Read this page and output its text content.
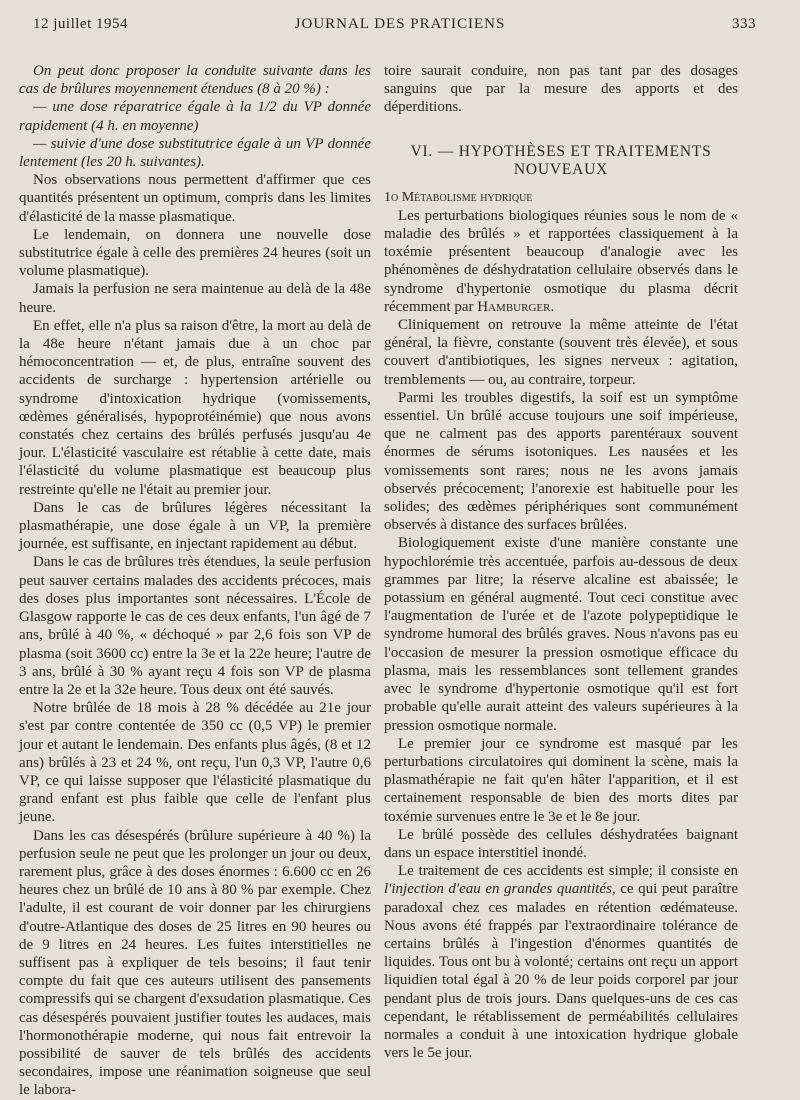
12 juillet 1954	JOURNAL DES PRATICIENS	333

On peut donc proposer la conduite suivante dans les cas de brûlures moyennement étendues (8 à 20 %) :

— une dose réparatrice égale à la 1/2 du VP donnée rapidement (4 h. en moyenne)

— suivie d'une dose substitutrice égale à un VP donnée lentement (les 20 h. suivantes).

Nos observations nous permettent d'affirmer que ces quantités présentent un optimum, compris dans les limites d'élasticité de la masse plasmatique.

Le lendemain, on donnera une nouvelle dose substitutrice égale à celle des premières 24 heures (soit un volume plasmatique).

Jamais la perfusion ne sera maintenue au delà de la 48e heure.

En effet, elle n'a plus sa raison d'être, la mort au delà de la 48e heure n'étant jamais due à un choc par hémoconcentration — et, de plus, entraîne souvent des accidents de surcharge : hypertension artérielle ou syndrome d'intoxication hydrique (vomissements, œdèmes généralisés, hypoprotéinémie) que nous avons constatés chez certains des brûlés perfusés jusqu'au 4e jour. L'élasticité vasculaire est rétablie à cette date, mais l'élasticité du volume plasmatique est beaucoup plus restreinte qu'elle ne l'était au premier jour.

Dans le cas de brûlures légères nécessitant la plasmathérapie, une dose égale à un VP, la première journée, est suffisante, en injectant rapidement au début.

Dans le cas de brûlures très étendues, la seule perfusion peut sauver certains malades des accidents précoces, mais des doses plus importantes sont nécessaires. L'École de Glasgow rapporte le cas de ces deux enfants, l'un âgé de 7 ans, brûlé à 40 %, « déchoqué » par 2,6 fois son VP de plasma (soit 3600 cc) entre la 3e et la 22e heure; l'autre de 3 ans, brûlé à 30 % ayant reçu 4 fois son VP de plasma entre la 2e et la 32e heure. Tous deux ont été sauvés.

Notre brûlée de 18 mois à 28 % décédée au 21e jour s'est par contre contentée de 350 cc (0,5 VP) le premier jour et autant le lendemain. Des enfants plus âgés, (8 et 12 ans) brûlés à 23 et 24 %, ont reçu, l'un 0,3 VP, l'autre 0,6 VP, ce qui laisse supposer que l'élasticité plasmatique du grand enfant est plus faible que celle de l'enfant plus jeune.

Dans les cas désespérés (brûlure supérieure à 40 %) la perfusion seule ne peut que les prolonger un jour ou deux, rarement plus, grâce à des doses énormes : 6.600 cc en 26 heures chez un brûlé de 10 ans à 80 % par exemple. Chez l'adulte, il est courant de voir donner par les chirurgiens d'outre-Atlantique des doses de 25 litres en 90 heures ou de 9 litres en 24 heures. Les fuites interstitielles ne suffisent pas à expliquer de tels besoins; il faut tenir compte du fait que ces auteurs utilisent des pansements compressifs qui se chargent d'exsudation plasmatique. Ces cas désespérés pouvaient justifier toutes les audaces, mais l'hormonothérapie moderne, qui nous fait entrevoir la possibilité de sauver de tels brûlés des accidents secondaires, impose une réanimation soigneuse que seul le labora-

toire saurait conduire, non pas tant par des dosages sanguins que par la mesure des apports et des déperditions.

VI. — HYPOTHÈSES ET TRAITEMENTS NOUVEAUX

1o Métabolisme hydrique

Les perturbations biologiques réunies sous le nom de « maladie des brûlés » et rapportées classiquement à la toxémie présentent beaucoup d'analogie avec les phénomènes de déshydratation cellulaire observés dans le syndrome d'hypertonie osmotique du plasma décrit récemment par Hamburger.

Cliniquement on retrouve la même atteinte de l'état général, la fièvre, constante (souvent très élevée), et sous couvert d'antibiotiques, les signes nerveux : agitation, tremblements — ou, au contraire, torpeur.

Parmi les troubles digestifs, la soif est un symptôme essentiel. Un brûlé accuse toujours une soif impérieuse, que ne calment pas des apports parentéraux souvent énormes de sérums isotoniques. Les nausées et les vomissements sont rares; nous ne les avons jamais observés précocement; l'anorexie est habituelle pour les solides; des œdèmes périphériques sont communément observés à distance des surfaces brûlées.

Biologiquement existe d'une manière constante une hypochlorémie très accentuée, parfois au-dessous de deux grammes par litre; la réserve alcaline est abaissée; le potassium en général augmenté. Tout ceci constitue avec l'augmentation de l'urée et de l'azote polypeptidique le syndrome humoral des brûlés graves. Nous n'avons pas eu l'occasion de mesurer la pression osmotique efficace du plasma, mais les ressemblances sont tellement grandes avec le syndrome d'hypertonie osmotique qu'il est fort probable qu'elle aurait atteint des valeurs supérieures à la pression osmotique normale.

Le premier jour ce syndrome est masqué par les perturbations circulatoires qui dominent la scène, mais la plasmathérapie ne fait qu'en hâter l'apparition, et il est certainement responsable de bien des morts dites par toxémie survenues entre le 3e et le 8e jour.

Le brûlé possède des cellules déshydratées baignant dans un espace interstitiel inondé.

Le traitement de ces accidents est simple; il consiste en l'injection d'eau en grandes quantités, ce qui peut paraître paradoxal chez ces malades en rétention œdémateuse. Nous avons été frappés par l'extraordinaire tolérance de certains brûlés à l'ingestion d'énormes quantités de liquides. Tous ont bu à volonté; certains ont reçu un apport liquidien total égal à 20 % de leur poids corporel par jour pendant plus de trois jours. Dans quelques-uns de ces cas cependant, le rétablissement de perméabilités cellulaires normales a conduit à une intoxication hydrique globale vers le 5e jour.
